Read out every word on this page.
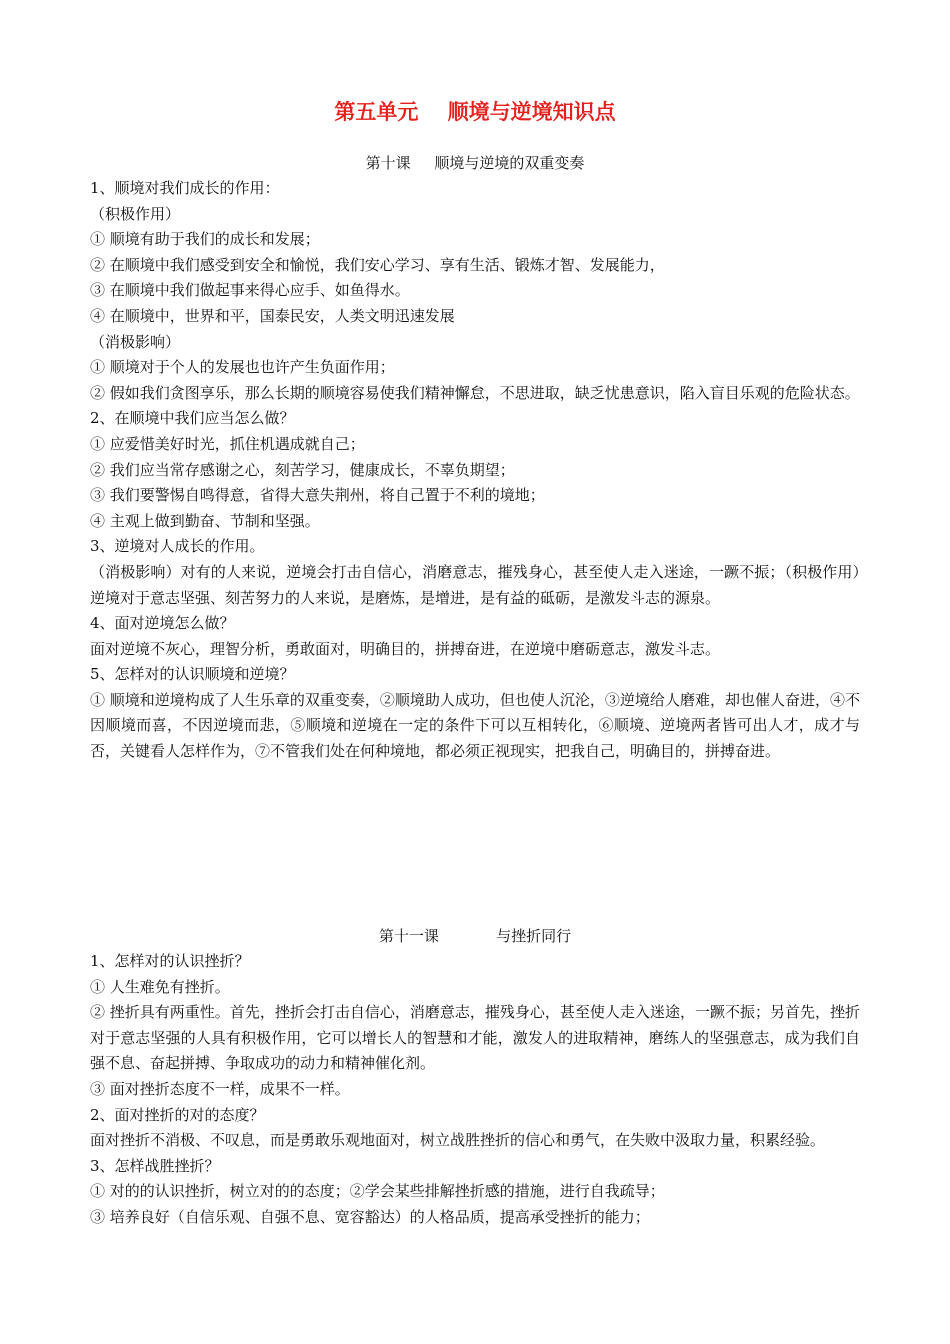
第五单元    顺境与逆境知识点
第十课     顺境与逆境的双重变奏

1、顺境对我们成长的作用：

（积极作用）

① 顺境有助于我们的成长和发展；

② 在顺境中我们感受到安全和愉悦，我们安心学习、享有生活、锻炼才智、发展能力，

③ 在顺境中我们做起事来得心应手、如鱼得水。

④ 在顺境中，世界和平，国泰民安，人类文明迅速发展

（消极影响）

① 顺境对于个人的发展也也许产生负面作用；

② 假如我们贪图享乐，那么长期的顺境容易使我们精神懈怠，不思进取，缺乏忧患意识，陷入盲目乐观的危险状态。

2、在顺境中我们应当怎么做？

① 应爱惜美好时光，抓住机遇成就自己；

② 我们应当常存感谢之心，刻苦学习，健康成长，不辜负期望；

③ 我们要警惕自鸣得意，省得大意失荆州，将自己置于不利的境地；

④ 主观上做到勤奋、节制和坚强。

3、逆境对人成长的作用。

（消极影响）对有的人来说，逆境会打击自信心，消磨意志，摧残身心，甚至使人走入迷途，一蹶不振；（积极作用）逆境对于意志坚强、刻苦努力的人来说，是磨炼，是增进，是有益的砥砺，是激发斗志的源泉。

4、面对逆境怎么做？

面对逆境不灰心，理智分析，勇敢面对，明确目的，拼搏奋进，在逆境中磨砺意志，激发斗志。

5、怎样对的认识顺境和逆境？

① 顺境和逆境构成了人生乐章的双重变奏，②顺境助人成功，但也使人沉沦，③逆境给人磨难，却也催人奋进，④不因顺境而喜，不因逆境而悲，⑤顺境和逆境在一定的条件下可以互相转化，⑥顺境、逆境两者皆可出人才，成才与否，关键看人怎样作为，⑦不管我们处在何种境地，都必须正视现实，把我自己，明确目的，拼搏奋进。

第十一课            与挫折同行

1、怎样对的认识挫折？

① 人生难免有挫折。

② 挫折具有两重性。首先，挫折会打击自信心，消磨意志，摧残身心，甚至使人走入迷途，一蹶不振；另首先，挫折对于意志坚强的人具有积极作用，它可以增长人的智慧和才能，激发人的进取精神，磨练人的坚强意志，成为我们自强不息、奋起拼搏、争取成功的动力和精神催化剂。

③ 面对挫折态度不一样，成果不一样。

2、面对挫折的对的态度？

面对挫折不消极、不叹息，而是勇敢乐观地面对，树立战胜挫折的信心和勇气，在失败中汲取力量，积累经验。

3、怎样战胜挫折？

① 对的的认识挫折，树立对的的态度；②学会某些排解挫折感的措施，进行自我疏导；

③ 培养良好（自信乐观、自强不息、宽容豁达）的人格品质，提高承受挫折的能力；
